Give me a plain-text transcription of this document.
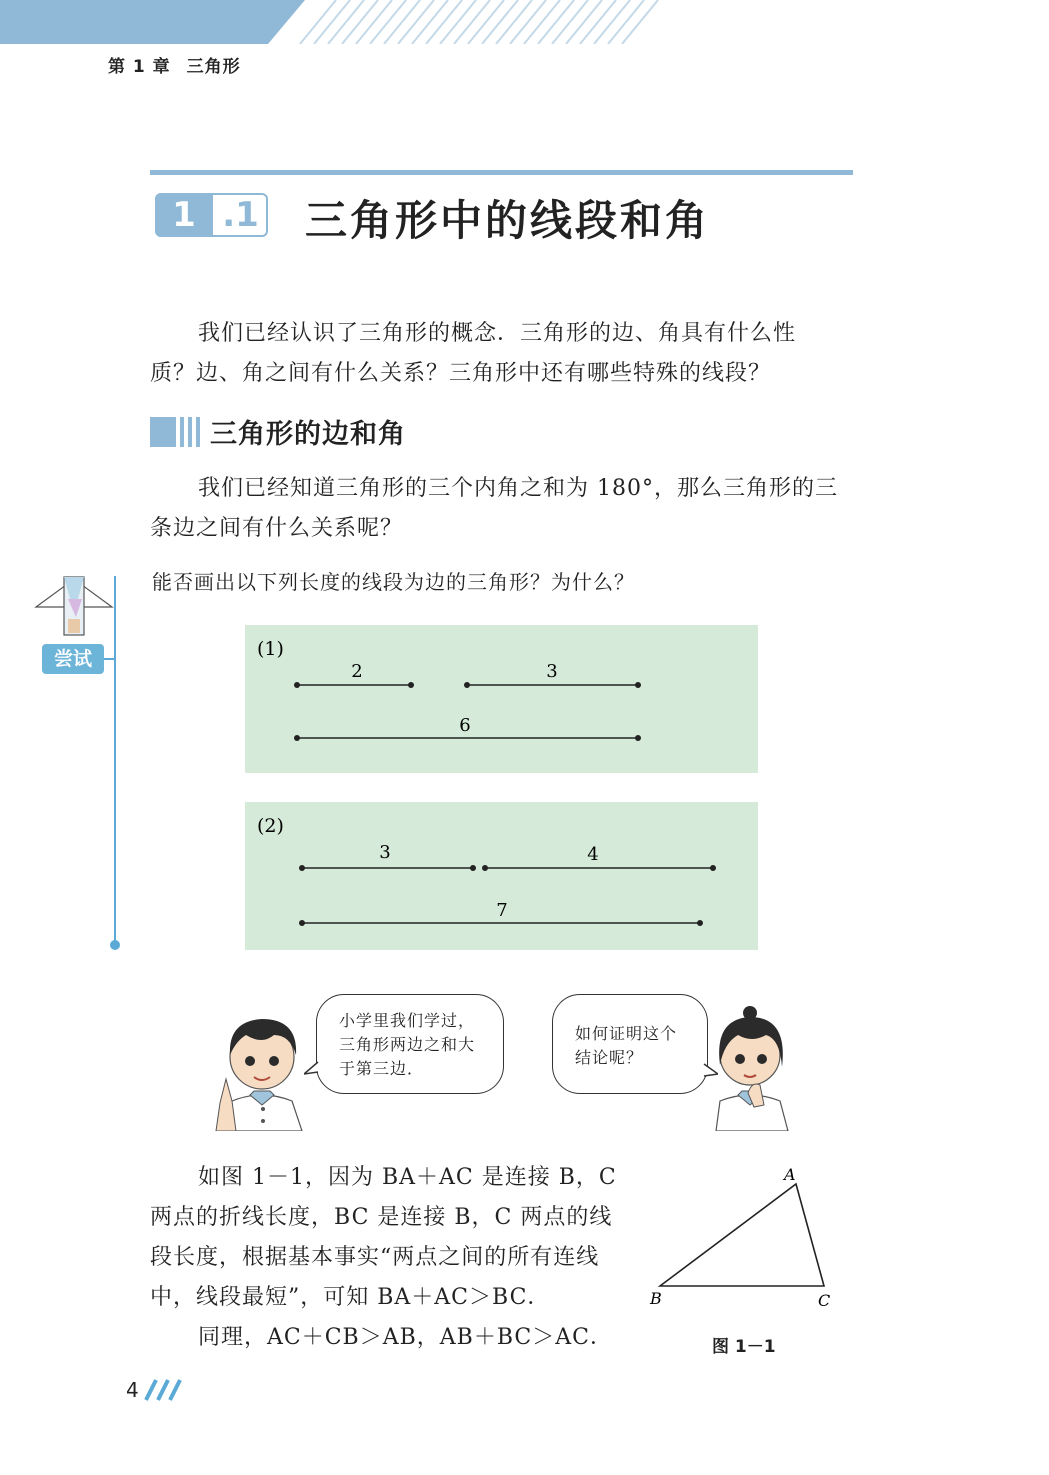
第 1 章 三角形
1 .1 三角形中的线段和角
我们已经认识了三角形的概念．三角形的边、角具有什么性
质？边、角之间有什么关系？三角形中还有哪些特殊的线段？
三角形的边和角
我们已经知道三角形的三个内角之和为 180°，那么三角形的三
条边之间有什么关系呢？
尝试
能否画出以下列长度的线段为边的三角形？为什么？
(1)
2	3
6
(2)
3	4
7
小学里我们学过，
三角形两边之和大
于第三边．
如何证明这个
结论呢？
如图 1－1，因为 BA＋AC 是连接 B，C
两点的折线长度，BC 是连接 B，C 两点的线
段长度，根据基本事实“两点之间的所有连线
中，线段最短”，可知 BA＋AC＞BC．
同理，AC＋CB＞AB，AB＋BC＞AC．
A
B	C
图 1－1
4
